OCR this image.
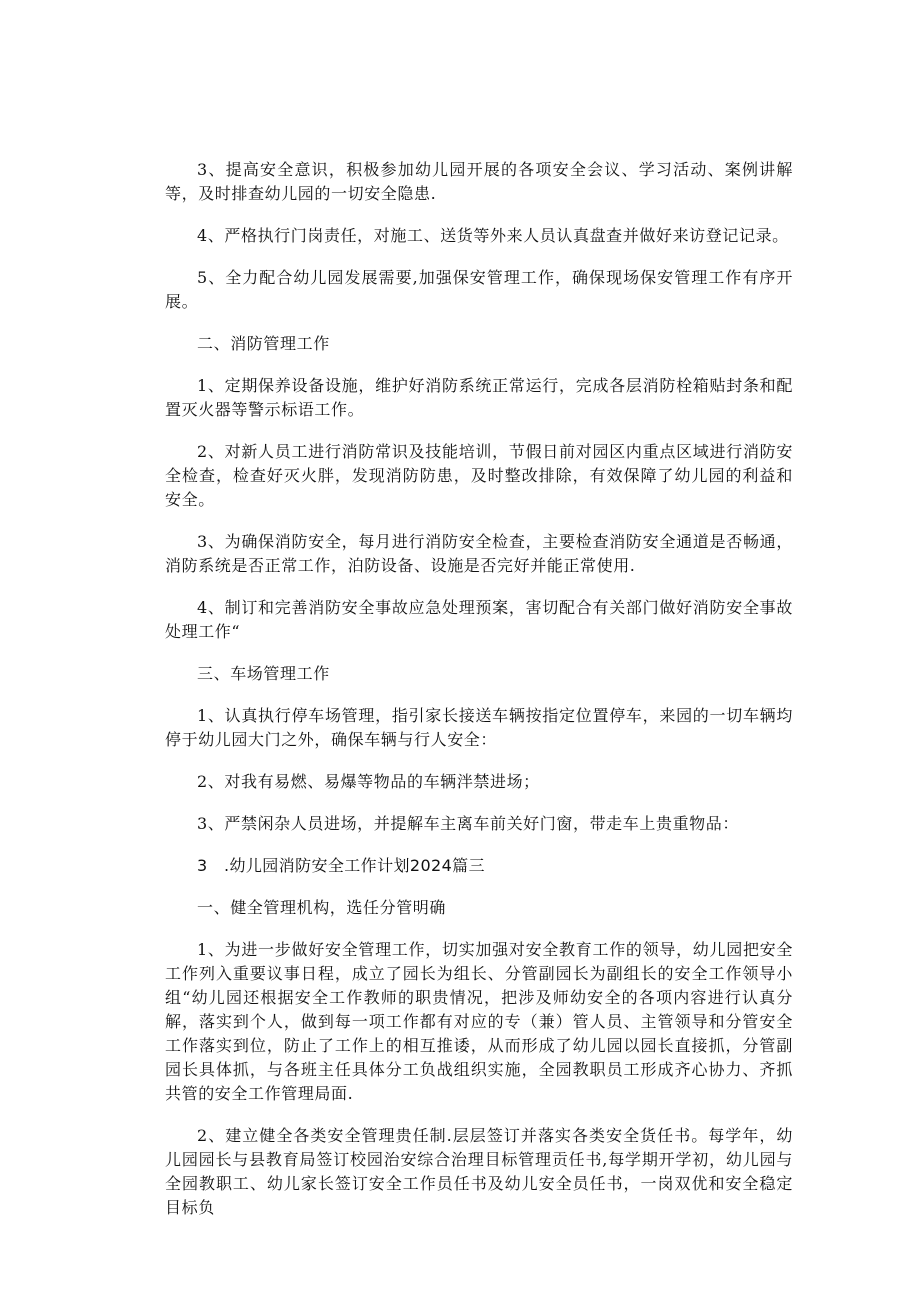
3、提高安全意识，积极参加幼儿园开展的各项安全会议、学习活动、案例讲解等，及时排查幼儿园的一切安全隐患.

4、严格执行门岗责任，对施工、送货等外来人员认真盘查并做好来访登记记录。

5、全力配合幼儿园发展需要,加强保安管理工作，确保现场保安管理工作有序开展。

二、消防管理工作

1、定期保养设备设施，维护好消防系统正常运行，完成各层消防栓箱贴封条和配置灭火器等警示标语工作。

2、对新人员工进行消防常识及技能培训，节假日前对园区内重点区域进行消防安全检查，检查好灭火胖，发现消防防患，及时整改排除，有效保障了幼儿园的利益和安全。

3、为确保消防安全，每月进行消防安全检查，主要检查消防安全通道是否畅通，消防系统是否正常工作，泊防设备、设施是否完好并能正常使用.

4、制订和完善消防安全事故应急处理预案，害切配合有关部门做好消防安全事故处理工作“

三、车场管理工作

1、认真执行停车场管理，指引家长接送车辆按指定位置停车，来园的一切车辆均停于幼儿园大门之外，确保车辆与行人安全：

2、对我有易燃、易爆等物品的车辆泮禁进场；

3、严禁闲杂人员进场，并提解车主离车前关好门窗，带走车上贵重物品：

3　.幼儿园消防安全工作计划2024篇三

一、健全管理机构，选任分管明确

1、为进一步做好安全管理工作，切实加强对安全教育工作的领导，幼儿园把安全工作列入重要议事日程，成立了园长为组长、分管副园长为副组长的安全工作领导小组“幼儿园还根据安全工作教师的职贵情况，把涉及师幼安全的各项内容进行认真分解，落实到个人，做到每一项工作都有对应的专（兼）管人员、主管领导和分管安全工作落实到位，防止了工作上的相互推诿，从而形成了幼儿园以园长直接抓，分管副园长具体抓，与各班主任具体分工负战组织实施，全园教职员工形成齐心协力、齐抓共管的安全工作管理局面.

2、建立健全各类安全管理贵任制.层层签订并落实各类安全货任书。每学年，幼儿园园长与县教育局签订校园治安综合治理目标管理贡任书,每学期开学初，幼儿园与全园教职工、幼儿家长签订安全工作员任书及幼儿安全员任书，一岗双优和安全稳定目标负
